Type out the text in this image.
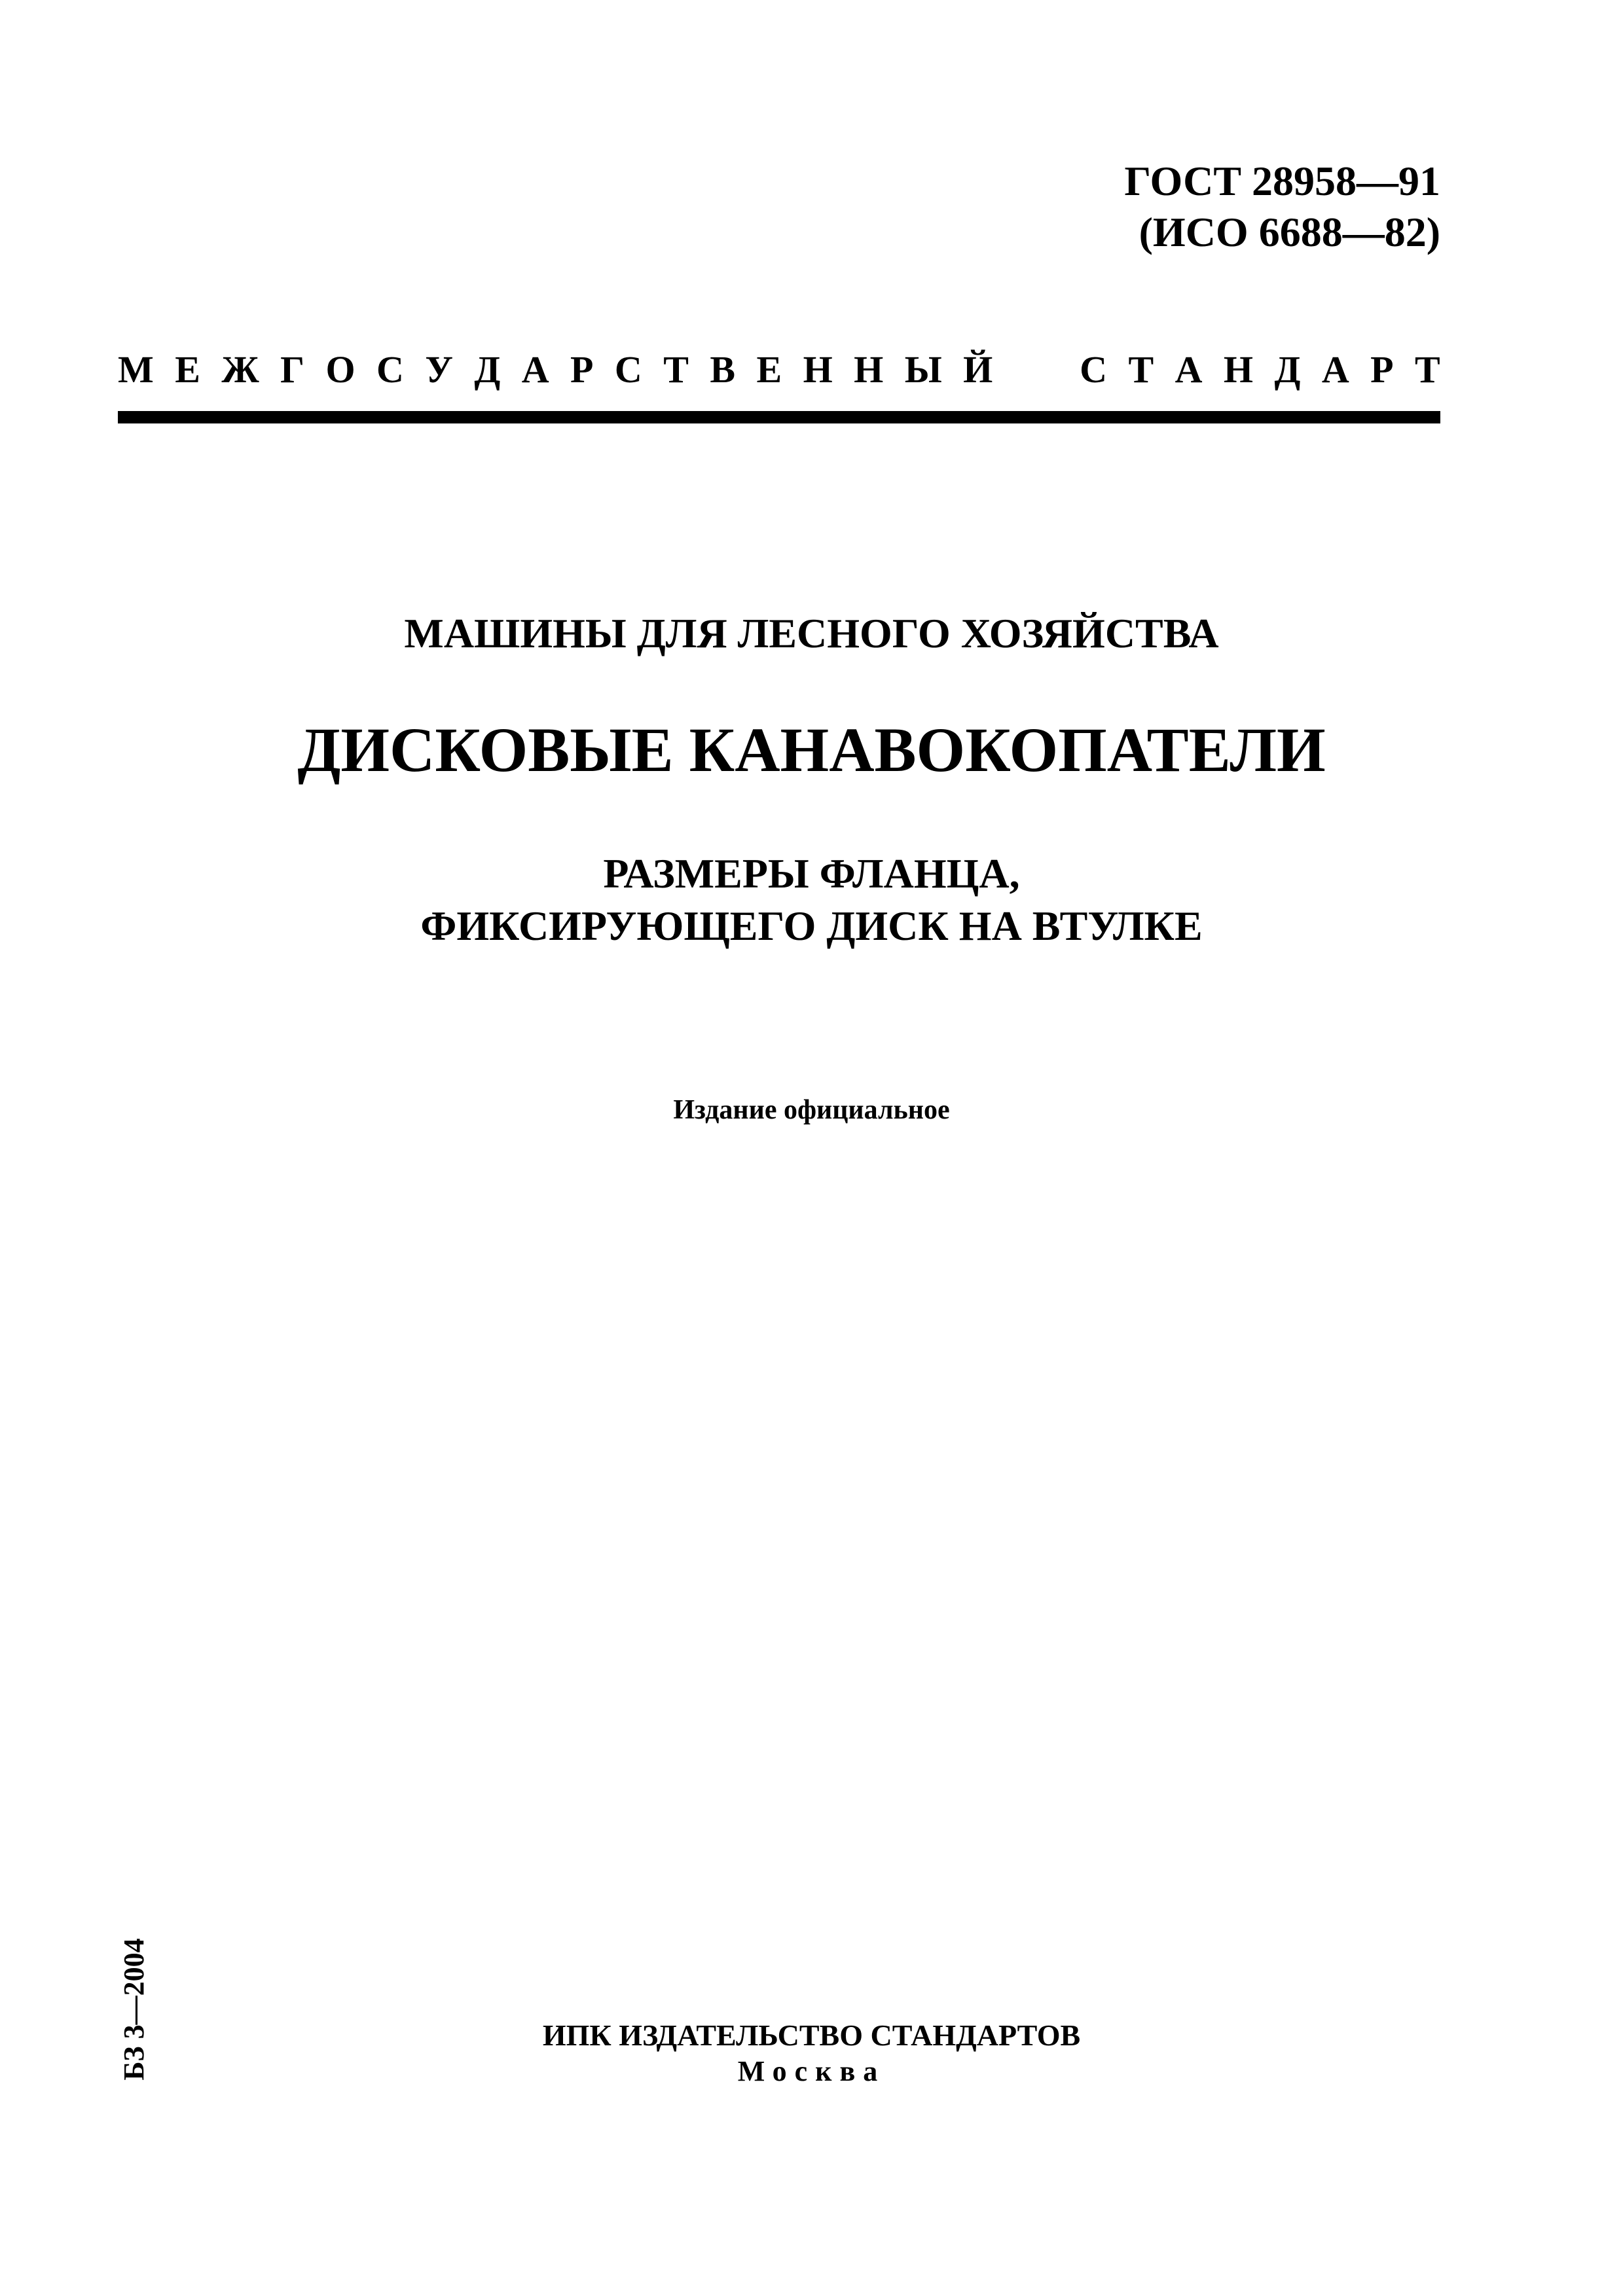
ГОСТ 28958—91
(ИСО 6688—82)
М Е Ж Г О С У Д А Р С Т В Е Н Н Ы Й С Т А Н Д А Р Т
МАШИНЫ ДЛЯ ЛЕСНОГО ХОЗЯЙСТВА
ДИСКОВЫЕ КАНАВОКОПАТЕЛИ
РАЗМЕРЫ ФЛАНЦА,
ФИКСИРУЮЩЕГО ДИСК НА ВТУЛКЕ
Издание официальное
БЗ 3—2004	ИПК ИЗДАТЕЛЬСТВО СТАНДАРТОВ
Москва
